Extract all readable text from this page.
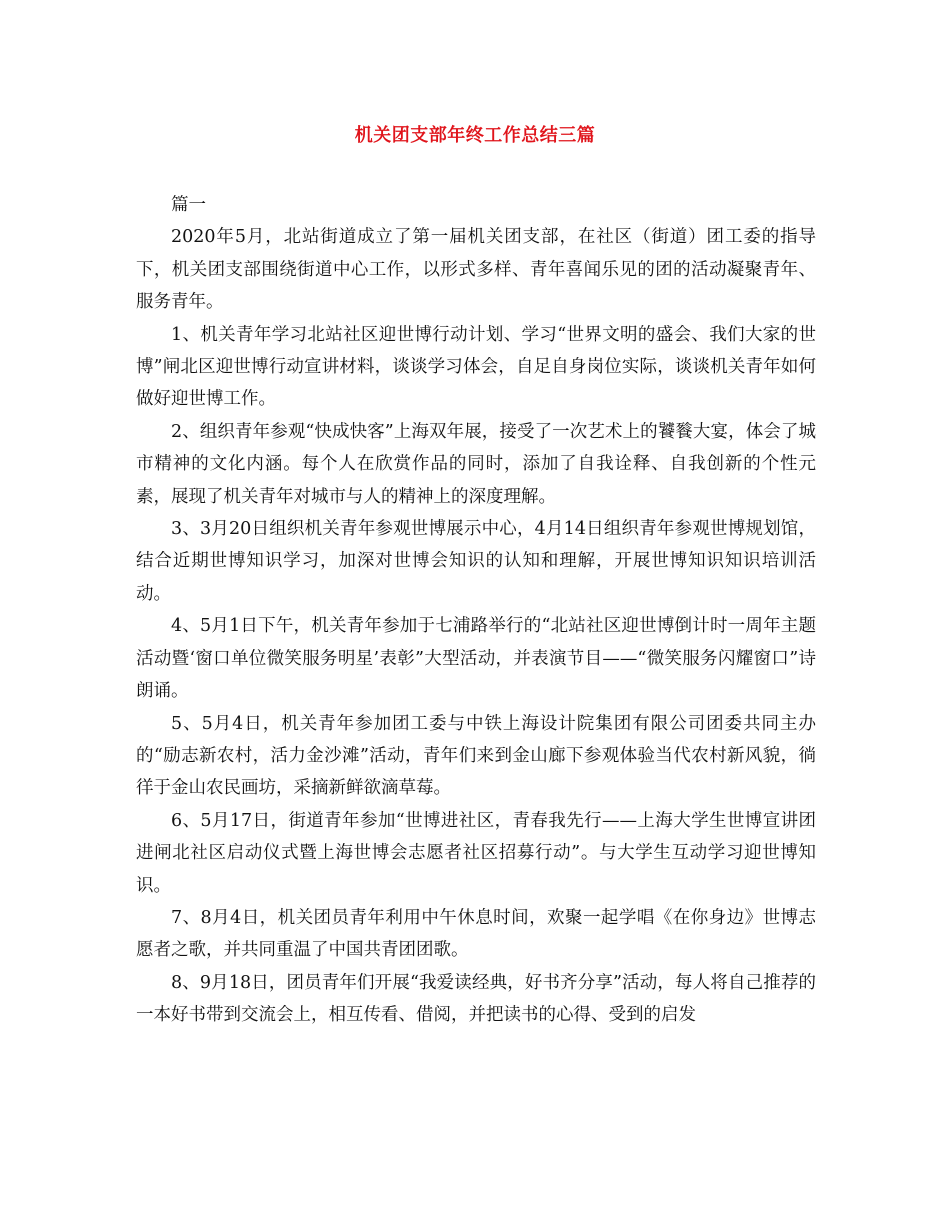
机关团支部年终工作总结三篇

篇一

2020年5月，北站街道成立了第一届机关团支部，在社区（街道）团工委的指导下，机关团支部围绕街道中心工作，以形式多样、青年喜闻乐见的团的活动凝聚青年、服务青年。

1、机关青年学习北站社区迎世博行动计划、学习“世界文明的盛会、我们大家的世博”闸北区迎世博行动宣讲材料，谈谈学习体会，自足自身岗位实际，谈谈机关青年如何做好迎世博工作。

2、组织青年参观“快成快客”上海双年展，接受了一次艺术上的饕餮大宴，体会了城市精神的文化内涵。每个人在欣赏作品的同时，添加了自我诠释、自我创新的个性元素，展现了机关青年对城市与人的精神上的深度理解。

3、3月20日组织机关青年参观世博展示中心，4月14日组织青年参观世博规划馆，结合近期世博知识学习，加深对世博会知识的认知和理解，开展世博知识知识培训活动。

4、5月1日下午，机关青年参加于七浦路举行的“北站社区迎世博倒计时一周年主题活动暨‘窗口单位微笑服务明星’表彰”大型活动，并表演节目——“微笑服务闪耀窗口”诗朗诵。

5、5月4日，机关青年参加团工委与中铁上海设计院集团有限公司团委共同主办的“励志新农村，活力金沙滩”活动，青年们来到金山廊下参观体验当代农村新风貌，徜徉于金山农民画坊，采摘新鲜欲滴草莓。

6、5月17日，街道青年参加“世博进社区，青春我先行——上海大学生世博宣讲团进闸北社区启动仪式暨上海世博会志愿者社区招募行动”。与大学生互动学习迎世博知识。

7、8月4日，机关团员青年利用中午休息时间，欢聚一起学唱《在你身边》世博志愿者之歌，并共同重温了中国共青团团歌。

8、9月18日，团员青年们开展“我爱读经典，好书齐分享”活动，每人将自己推荐的一本好书带到交流会上，相互传看、借阅，并把读书的心得、受到的启发
